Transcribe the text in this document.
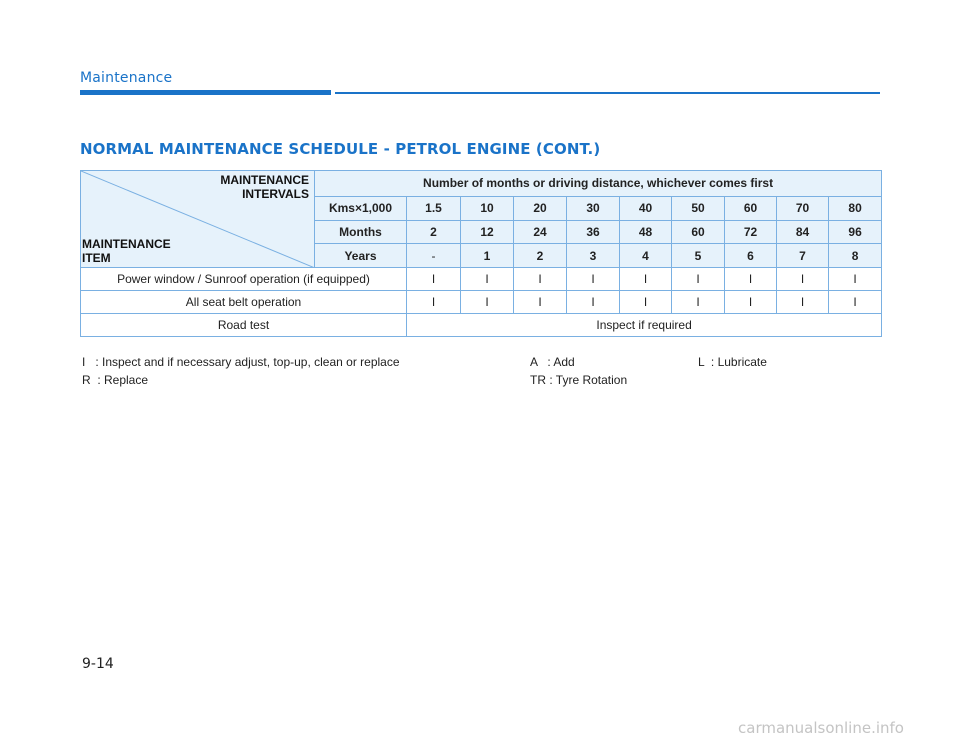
Maintenance
NORMAL MAINTENANCE SCHEDULE - PETROL ENGINE (CONT.)
MAINTENANCE
INTERVALS
MAINTENANCE
ITEM	Number of months or driving distance, whichever comes first									
	Kms×1,000	1.5	10	20	30	40	50	60	70	80
	Months	2	12	24	36	48	60	72	84	96
	Years	-	1	2	3	4	5	6	7	8
Power window / Sunroof operation (if equipped)		I	I	I	I	I	I	I	I	I
All seat belt operation		I	I	I	I	I	I	I	I	I
Road test		Inspect if required								
I   : Inspect and if necessary adjust, top-up, clean or replace
R  : Replace
A   : Add
TR : Tyre Rotation
L  : Lubricate
9-14
carmanualsonline.info
